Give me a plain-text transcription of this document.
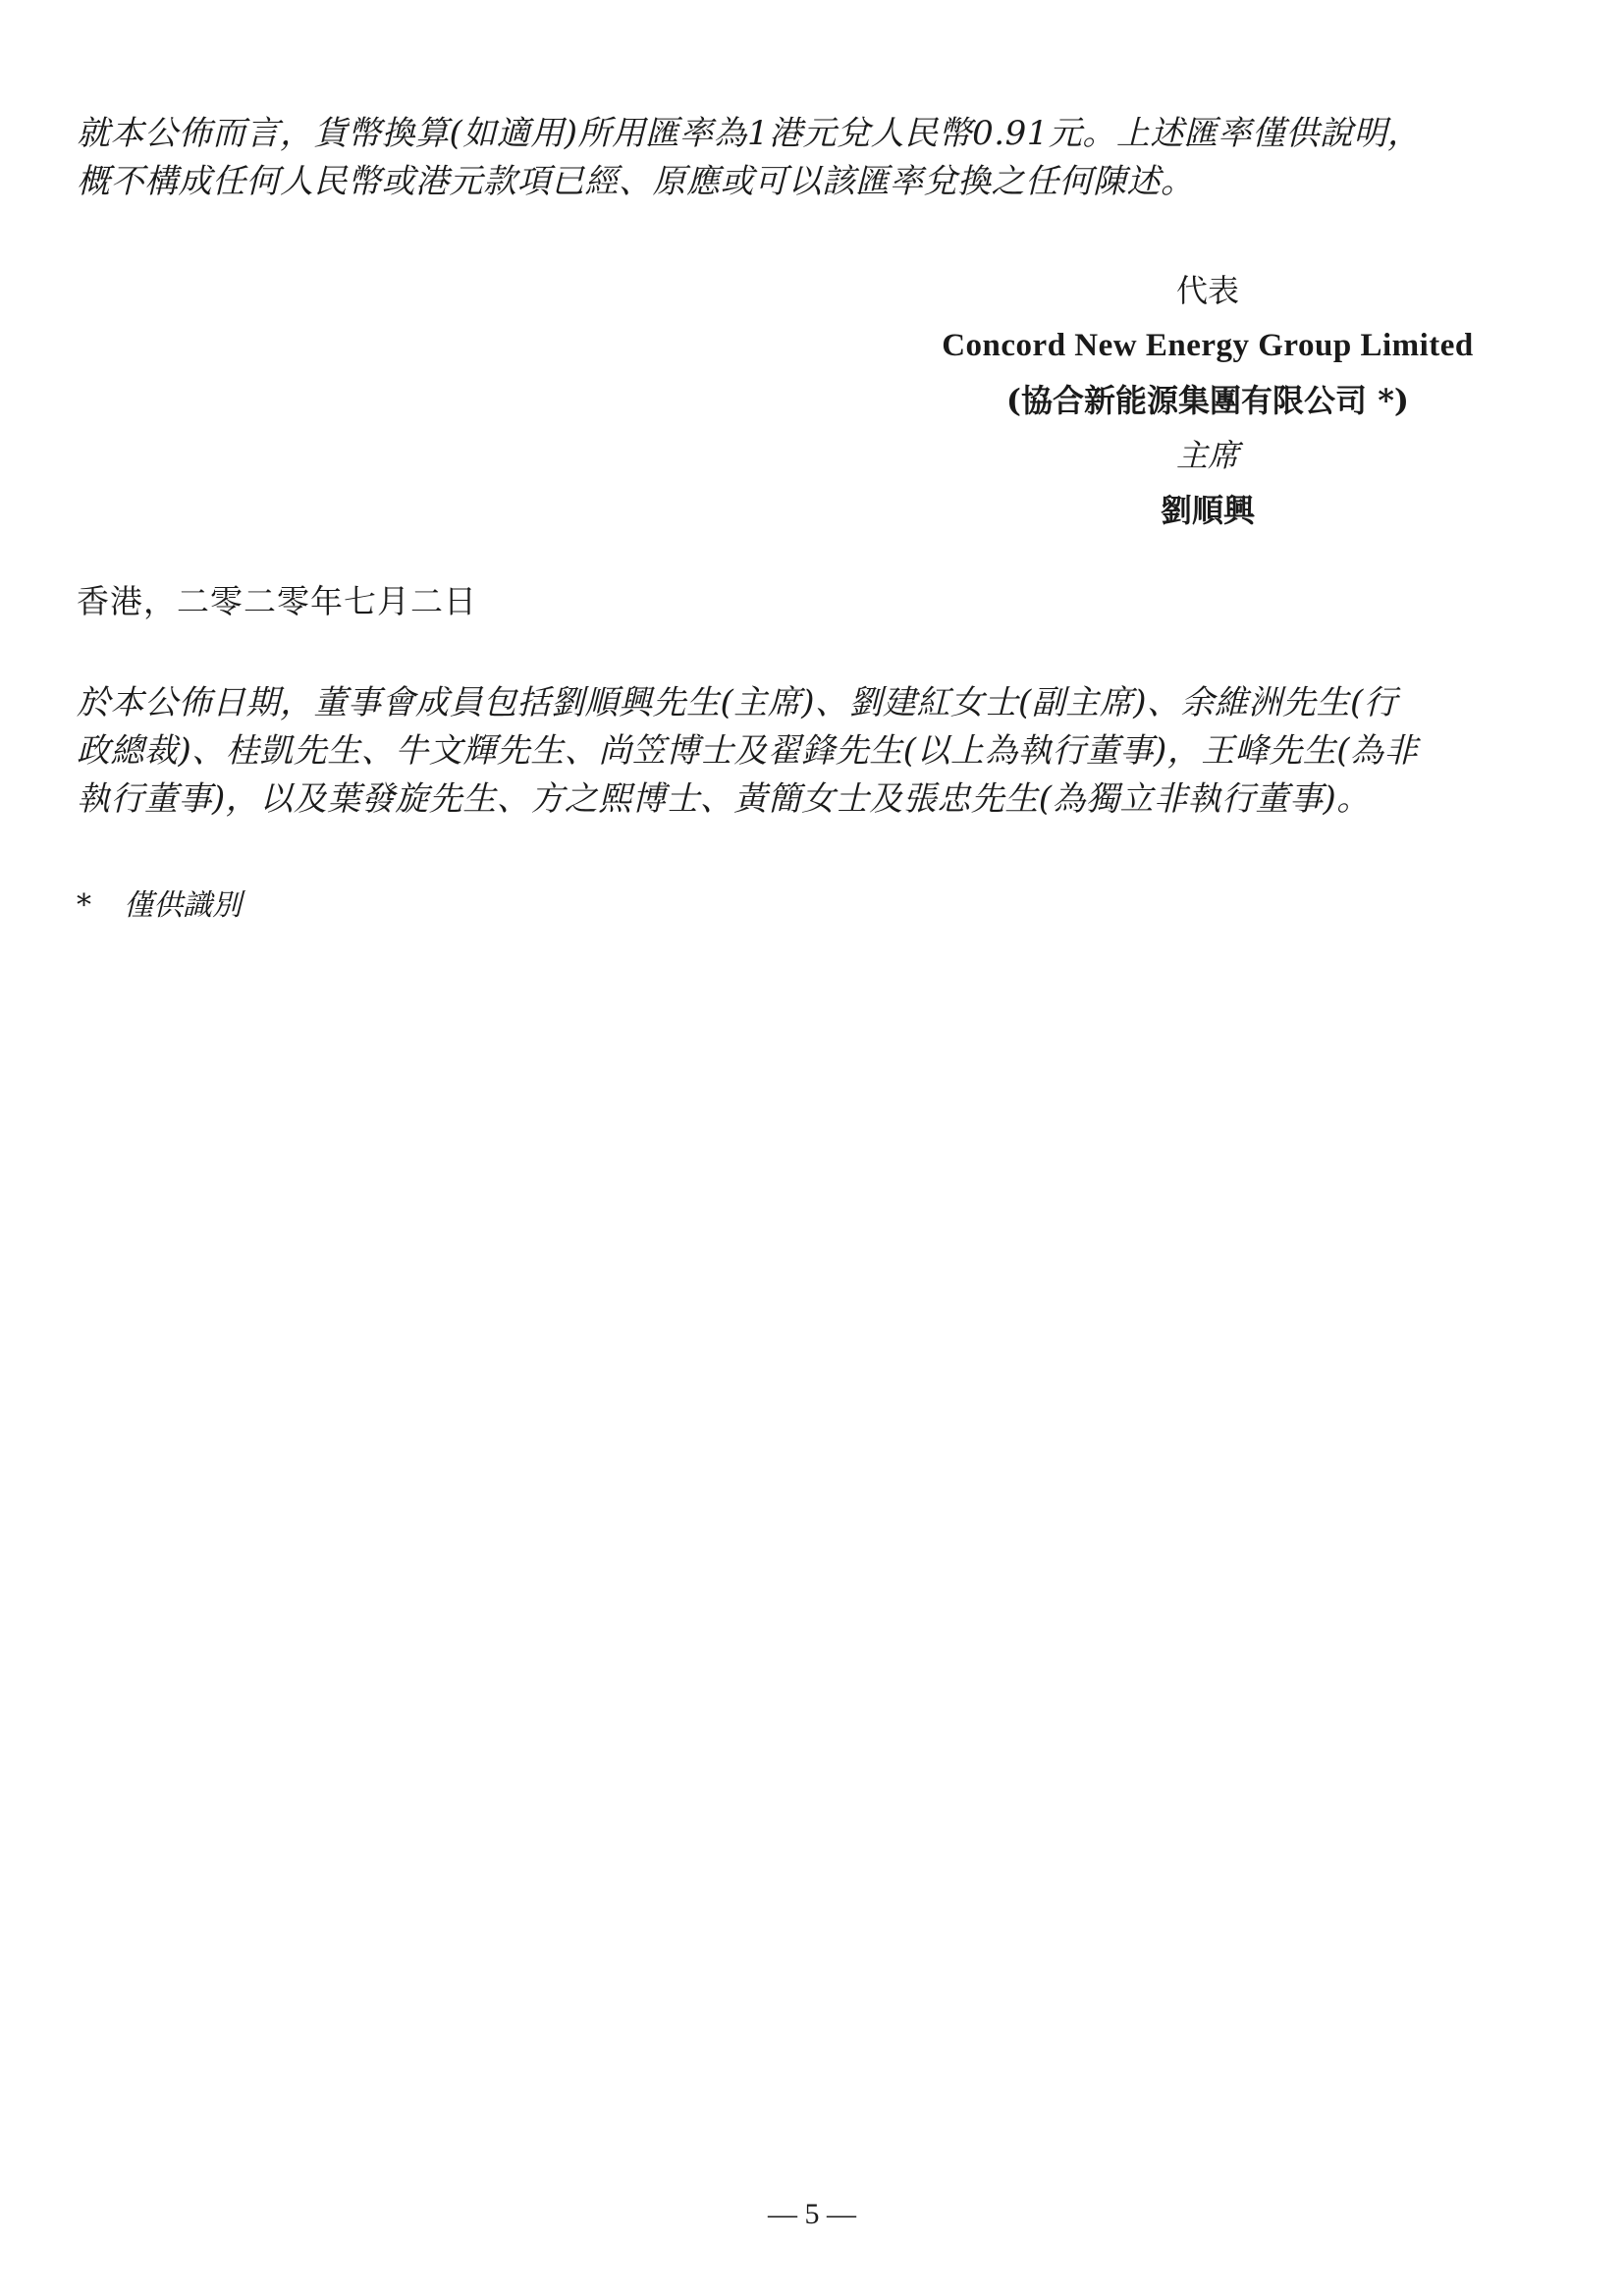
就本公佈而言，貨幣換算(如適用)所用匯率為1港元兌人民幣0.91元。上述匯率僅供說明，
概不構成任何人民幣或港元款項已經、原應或可以該匯率兌換之任何陳述。

代表
Concord New Energy Group Limited
(協合新能源集團有限公司 *)
主席
劉順興

香港，二零二零年七月二日

於本公佈日期，董事會成員包括劉順興先生(主席)、劉建紅女士(副主席)、余維洲先生(行
政總裁)、桂凱先生、牛文輝先生、尚笠博士及翟鋒先生(以上為執行董事)，王峰先生(為非
執行董事)，以及葉發旋先生、方之熙博士、黃簡女士及張忠先生(為獨立非執行董事)。

* 僅供識別

— 5 —
